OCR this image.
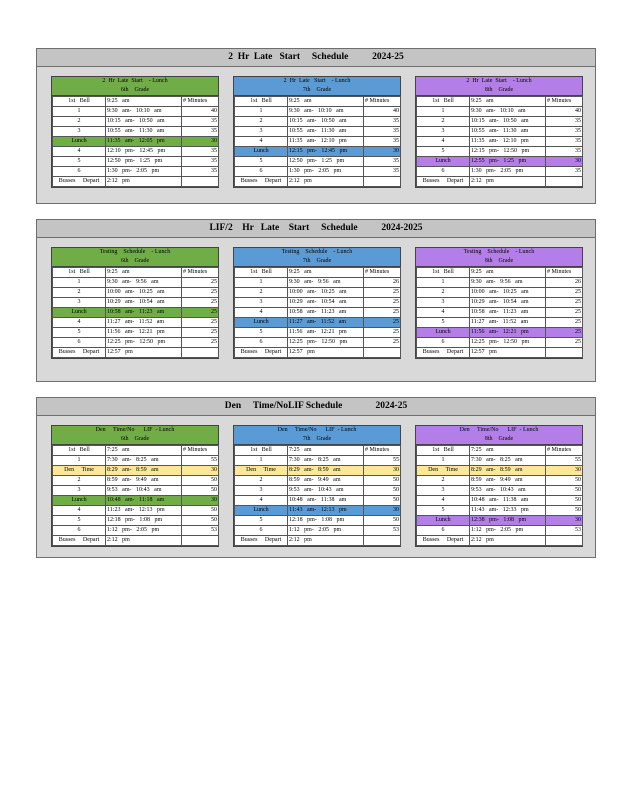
2  Hr  Late   Start     Schedule          2024-25
2  Hr  Late  Start    - Lunch
6th    Grade
1st   Bell	9:25   am	# Minutes
1	9:30   am-   10:10   am	40
2	10:15   am-   10:50   am	35
3	10:55   am-   11:30   am	35
Lunch	11:35   am-   12:05   pm	30
4	12:10   pm-   12:45   pm	35
5	12:50   pm-   1:25   pm	35
6	1:30   pm-   2:05   pm	35
Busses     Depart	2:12   pm	
2  Hr  Late   Start    - Lunch
7th    Grade
1st   Bell	9:25   am	# Minutes
1	9:30   am-   10:10   am	40
2	10:15   am-   10:50   am	35
3	10:55   am-   11:30   am	35
4	11:35   am-   12:10   pm	35
Lunch	12:15   pm-   12:45   pm	30
5	12:50   pm-   1:25   pm	35
6	1:30   pm-   2:05   pm	35
Busses     Depart	2:12   pm	
2  Hr  Late  Start    - Lunch
8th    Grade
1st   Bell	9:25   am	# Minutes
1	9:30   am-   10:10   am	40
2	10:15   am-   10:50   am	35
3	10:55   am-   11:30   am	35
4	11:35   am-   12:10   pm	35
5	12:15   pm-   12:50   pm	35
Lunch	12:55   pm-   1:25   pm	30
6	1:30   pm-   2:05   pm	35
Busses     Depart	2:12   pm	
LIF/2    Hr   Late    Start     Schedule          2024-2025
Testing    Schedule    - Lunch
6th    Grade
1st   Bell	9:25   am	# Minutes
1	9:30   am-   9:56   am	25
2	10:00   am-   10:25   am	25
3	10:29   am-   10:54   am	25
Lunch	10:58   am-   11:23   am	25
4	11:27   am-   11:52   am	25
5	11:56   am-   12:21   pm	25
6	12:25   pm-   12:50   pm	25
Busses     Depart	12:57   pm	
Testing    Schedule    - Lunch
7th    Grade
1st   Bell	9:25   am	# Minutes
1	9:30   am-   9:56   am	26
2	10:00   am-   10:25   am	25
3	10:29   am-   10:54   am	25
4	10:58   am-   11:23   am	25
Lunch	11:27   am-   11:52   am	25
5	11:56   am-   12:21   pm	25
6	12:25   pm-   12:50   pm	25
Busses     Depart	12:57   pm	
Testing    Schedule    - Lunch
8th    Grade
1st   Bell	9:25   am	# Minutes
1	9:30   am-   9:56   am	26
2	10:00   am-   10:25   am	25
3	10:29   am-   10:54   am	25
4	10:58   am-   11:23   am	25
5	11:27   am-   11:52   am	25
Lunch	11:56   am-   12:21   pm	25
6	12:25   pm-   12:50   pm	25
Busses     Depart	12:57   pm	
Den     Time/NoLIF Schedule              2024-25
Den     Time/No      LIF  - Lunch
6th    Grade
1st   Bell	7:25   am	# Minutes
1	7:30   am-   8:25   am	55
Den     Time	8:29   am-   8:59   am	30
2	8:59   am-   9:49   am	50
3	9:53   am-   10:43   am	50
Lunch	10:48   am-   11:18   am	30
4	11:23   am-   12:13   pm	50
5	12:18   pm-   1:08   pm	50
6	1:12   pm-   2:05   pm	53
Busses     Depart	2:12   pm	
Den     Time/No      LIF  - Lunch
7th    Grade
1st   Bell	7:25   am	# Minutes
1	7:30   am-   8:25   am	55
Den     Time	8:29   am-   8:59   am	30
2	8:59   am-   9:49   am	50
3	9:53   am-   10:43   am	50
4	10:48   am-   11:38   am	50
Lunch	11:43   am-   12:13   pm	30
5	12:18   pm-   1:08   pm	50
6	1:12   pm-   2:05   pm	53
Busses     Depart	2:12   pm	
Den     Time/No      LIF  - Lunch
8th    Grade
1st   Bell	7:25   am	# Minutes
1	7:30   am-   8:25   am	55
Den     Time	8:29   am-   8:59   am	30
2	8:59   am-   9:49   am	50
3	9:53   am-   10:43   am	50
4	10:48   am-   11:38   am	50
5	11:43   am-   12:33   pm	50
Lunch	12:38   pm-   1:08   pm	30
6	1:12   pm-   2:05   pm	53
Busses     Depart	2:12   pm	
